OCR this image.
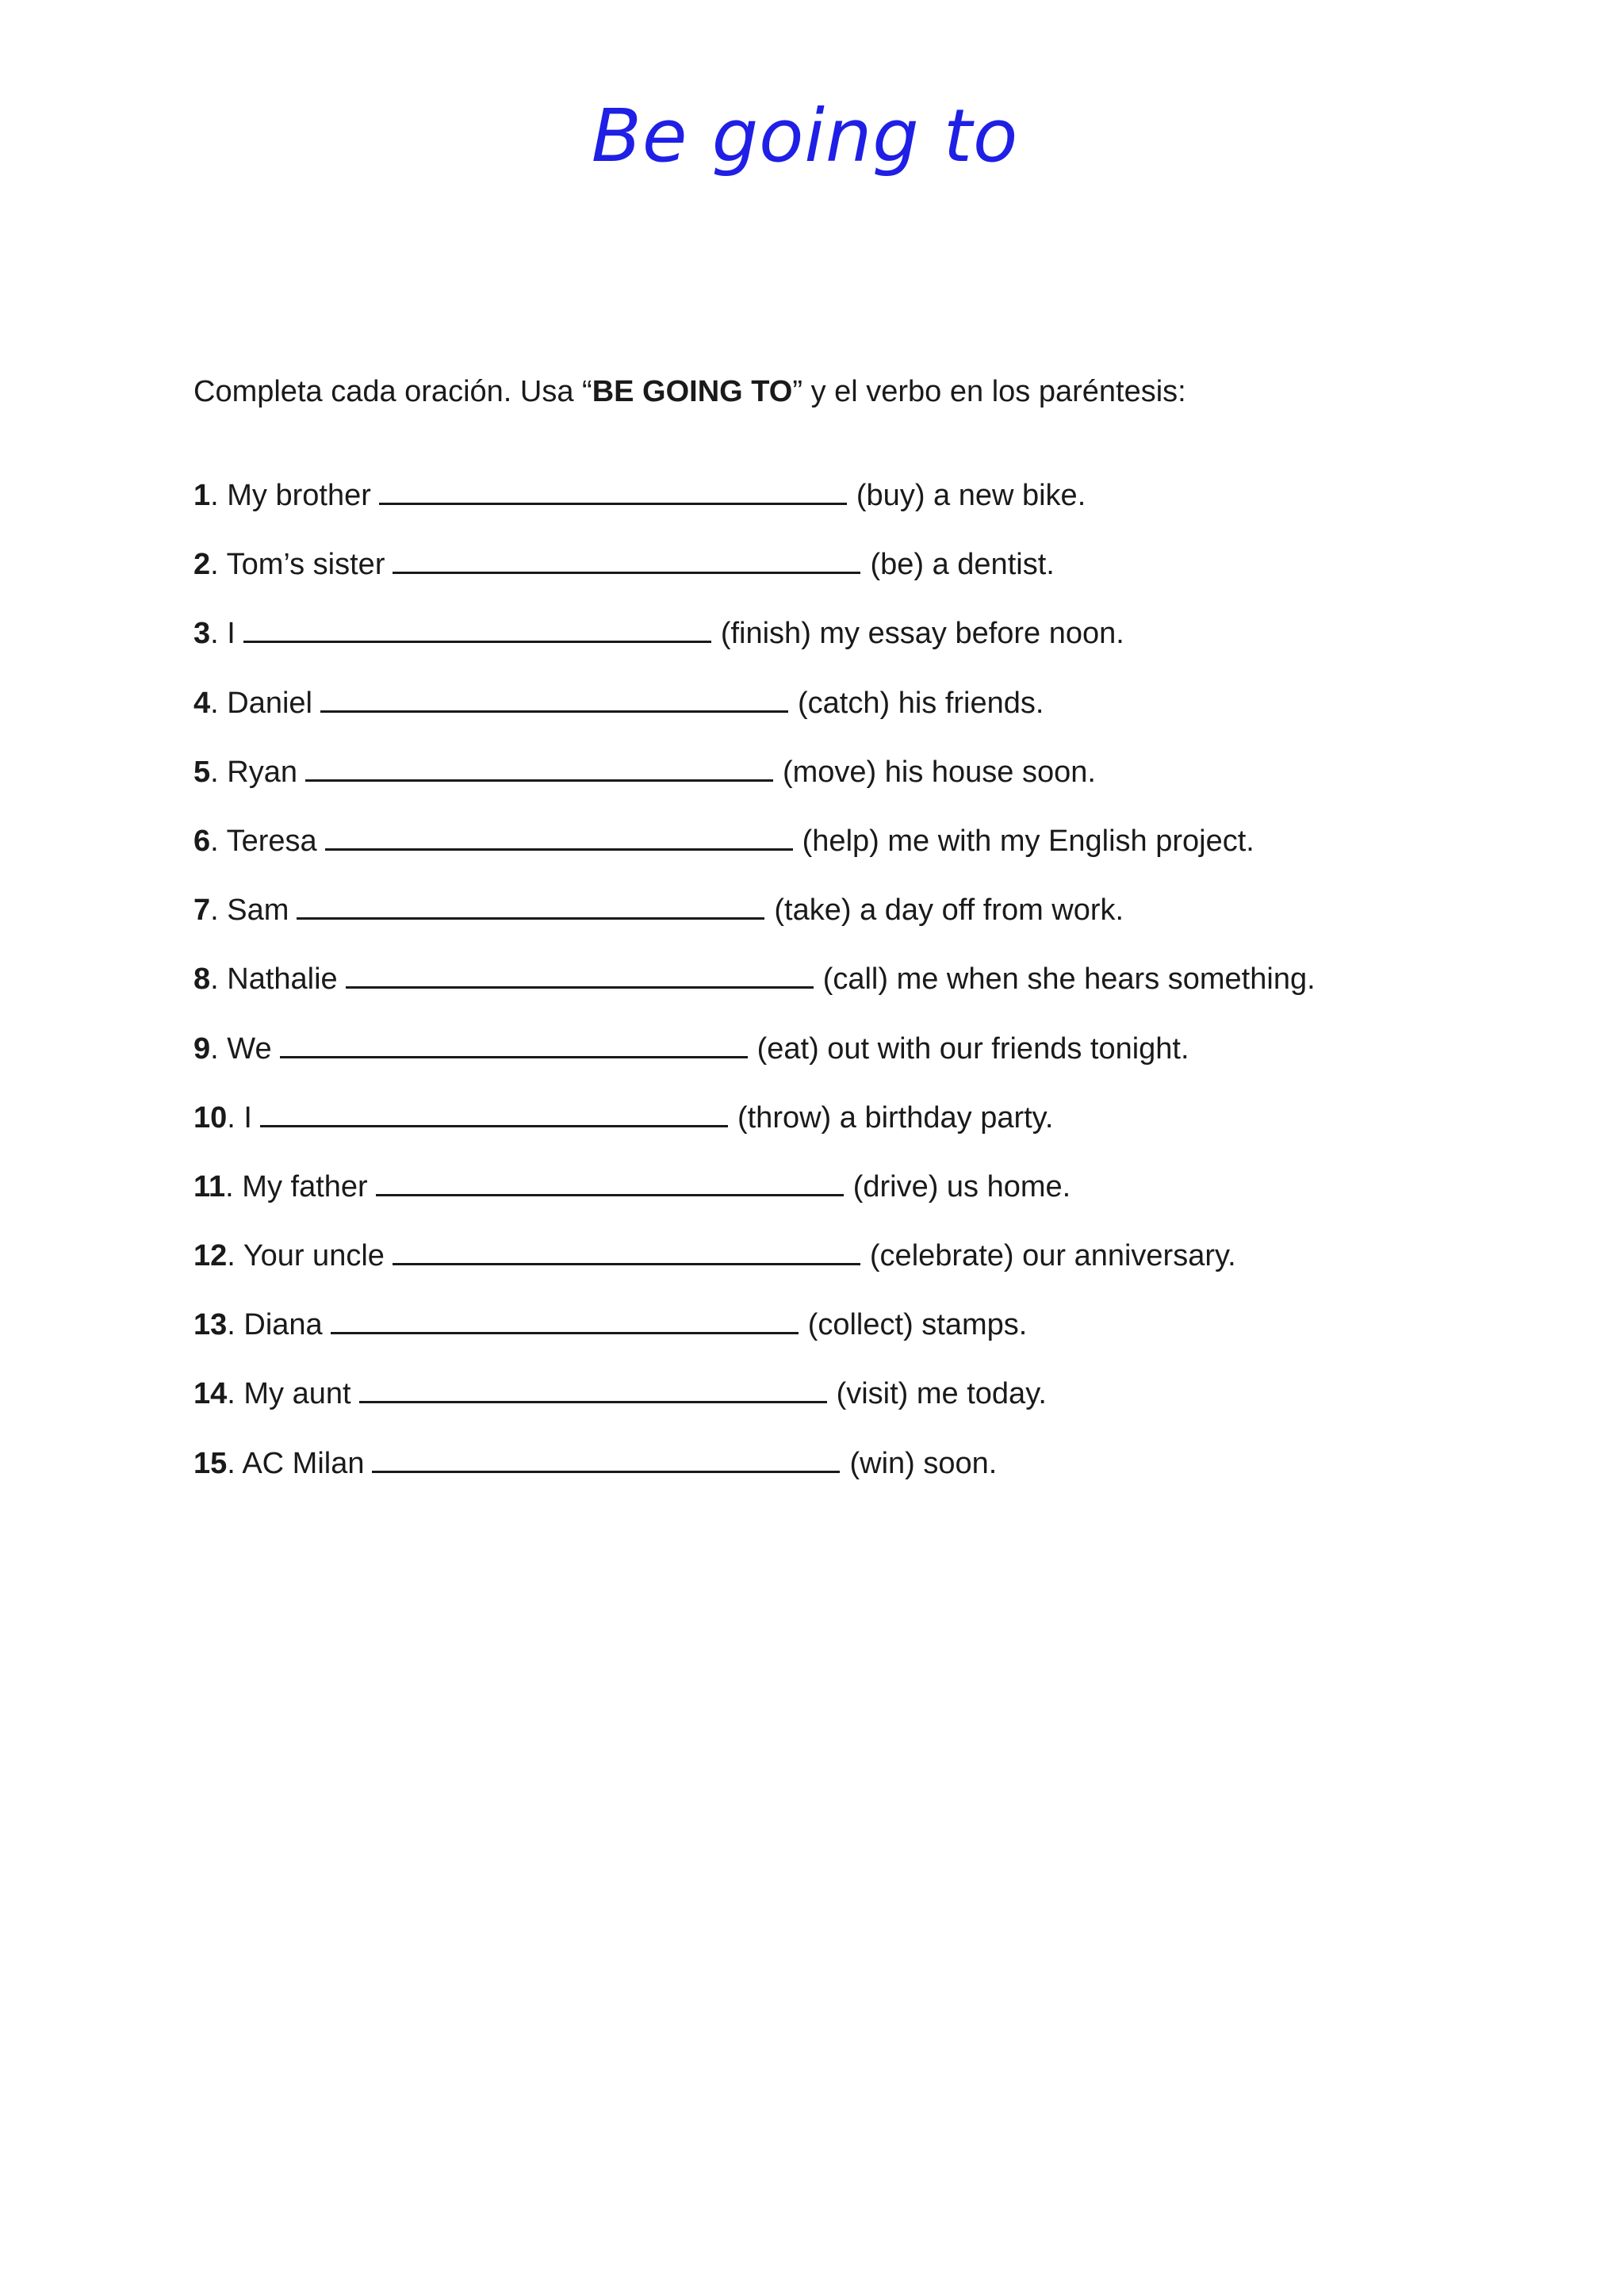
Be going to
Completa cada oración. Usa “BE GOING TO” y el verbo en los paréntesis:
1. My brother	(buy) a new bike.
2. Tom’s sister	(be) a dentist.
3. I	(finish) my essay before noon.
4. Daniel	(catch) his friends.
5. Ryan	(move) his house soon.
6. Teresa	(help) me with my English project.
7. Sam	(take) a day off from work.
8. Nathalie	(call) me when she hears something.
9. We	(eat) out with our friends tonight.
10. I	(throw) a birthday party.
11. My father	(drive) us home.
12. Your uncle	(celebrate) our anniversary.
13. Diana	(collect) stamps.
14. My aunt	(visit) me today.
15. AC Milan	(win) soon.
